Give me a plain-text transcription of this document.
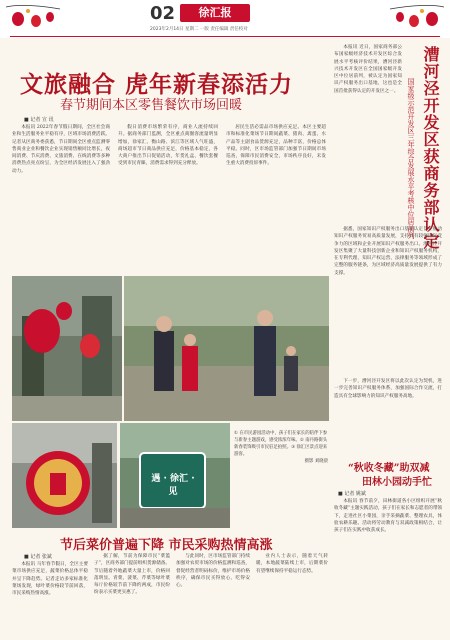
02	徐汇报
2023年2月14日 星期二 一版 责任编辑 责任校对
文旅融合 虎年新春添活力
春节期间本区零售餐饮市场回暖
■ 记者 宣 讯

本报讯 2022年春节假日期间，全区社会商业和生活服务业平稳有序，区域市场消费活跃。记者从区商务委获悉，节日期间全区重点监测零售商业企业和餐饮企业实现销售额同比增长，夜间消费、节庆消费、文旅消费、在线消费等多种消费热点亮点纷呈，为全区经济发展注入了强劲动力。

假日消费市场繁荣有序，商业人流持续回升。据商务部门监测，全区重点商圈客流量明显增加，徐家汇、衡山路、滨江等区域人气旺盛，商场超市节日商品供应充足，价格基本稳定，各大商户推出节日促销活动，年货礼盒、餐饮套餐受到市民青睐，消费需求得到充分释放。

居民生活必需品市场供应充足。本区主要超市和标准化菜场节日期间蔬菜、猪肉、禽蛋、水产品等主副食品货源充足，品种丰富，价格总体平稳。同时，区市场监管部门加强节日期间市场巡查，保障市民消费安全，市场秩序良好，未发生重大消费投诉事件。

遇 · 徐汇 · 见
① 在市民游园活动中，孩子们在家长的陪伴下参与新春主题游戏，感受浓浓年味。② 南丹路街头新春装饰吸引市民驻足拍照。③ 徐汇区景点迎来游客。

摄影 刘晓晨
节后菜价普遍下降 市民采购热情高涨
■ 记者 张斌

本报讯 马年春节假日，全区主要菜市场供应充足，蔬菜价格总体平稳并呈下降趋势。记者走访多家标准化菜场发现，绿叶菜价格较节前回落，市民采购热情高涨。

据了解，节前为保障市民“菜篮子”，区商务部门提前组织货源储备。节后随着外地蔬菜大量上市，价格回落明显。青菜、菠菜、芹菜等绿叶菜每斤价格较节前下降约两成，市民纷纷表示买菜更实惠了。

与此同时，区市场监管部门持续加强对农贸市场的价格监测和巡查，督促经营者明码标价，维护市场价格秩序，确保市民买得放心、吃得安心。

业内人士表示，随着天气转暖，本地蔬菜陆续上市，后期菜价有望继续保持平稳运行态势。

本报讯 近日，国家商务部公布国家级经济技术开发区综合发展水平考核评价结果，漕河泾新兴技术开发区在全国国家级开发区中位居前列，被认定为国家知识产权服务出口基地，这也是全国首批获得认定的开发区之一。 漕河泾开发区获商务部认定
国家级示范开发区三年综合发展水平考核中位居前列

据悉，国家知识产权服务出口基地认定旨在推动知识产权服务贸易高质量发展，支持具有较强国际竞争力的区域和企业开展知识产权服务出口。漕河泾开发区集聚了大量科技创新企业和知识产权服务机构，在专利代理、知识产权运营、法律服务等领域形成了完整的服务链条，为区域经济高质量发展提供了有力支撑。

下一步，漕河泾开发区将以此次认定为契机，进一步完善知识产权服务体系，加强国际合作交流，打造具有全球影响力的知识产权服务高地。

“秋收冬藏”助双减
田林小园动手忙
■ 记者 姚斌

本报讯 春节前夕，田林街道各小区组织开展“秋收冬藏”主题实践活动，孩子们在家长和志愿者的带领下，走进社区小菜园，亲手采摘蔬菜、整理农具，体验农耕乐趣。活动将劳动教育与双减政策相结合，让孩子们在实践中收获成长。
